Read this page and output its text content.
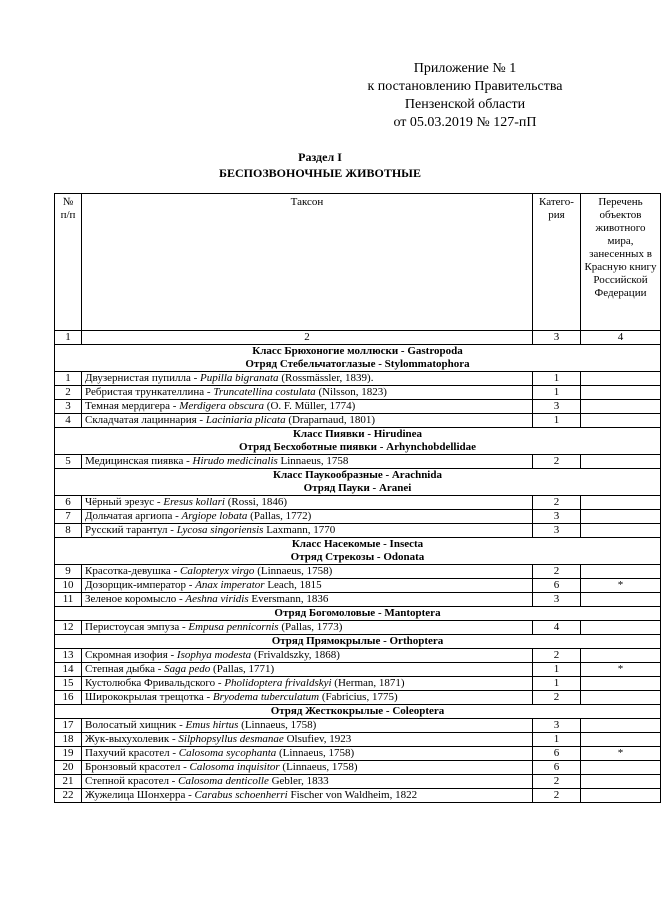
Приложение № 1
к постановлению Правительства
Пензенской области
от 05.03.2019 № 127-пП
Раздел I
БЕСПОЗВОНОЧНЫЕ ЖИВОТНЫЕ
№ п/п	Таксон	Катего-рия	Перечень объектов животного мира, занесенных в Красную книгу Российской Федерации
1	2	3	4

Класс Брюхоногие моллюски - Gastropoda
Отряд Стебельчатоглазые - Stylommatophora			

1	Двузернистая пупилла - Pupilla bigranata (Rossmässler, 1839).	1	
2	Ребристая трункателлина - Truncatellina costulata (Nilsson, 1823)	1	
3	Темная мердигера - Merdigera obscura (O. F. Müller, 1774)	3	
4	Складчатая лациннария - Laciniaria plicata (Draparnaud, 1801)	1	

Класс Пиявки - Hirudinea
Отряд Бесхоботные пиявки - Arhynchobdellidae			

5	Медицинская пиявка - Hirudo medicinalis Linnaeus, 1758	2	

Класс Паукообразные - Arachnida
Отряд Пауки - Aranei			

6	Чёрный эрезус - Eresus kollari (Rossi, 1846)	2	
7	Дольчатая аргиопа - Argiope lobata (Pallas, 1772)	3	
8	Русский тарантул - Lycosa singoriensis Laxmann, 1770	3	

Класс Насекомые - Insecta
Отряд Стрекозы - Odonata			

9	Красотка-девушка - Calopteryx virgo (Linnaeus, 1758)	2	
10	Дозорщик-император - Anax imperator Leach, 1815	6	*
11	Зеленое коромысло - Aeshna viridis Eversmann, 1836	3	

Отряд Богомоловые - Mantoptera			

12	Перистоусая эмпуза - Empusa pennicornis (Pallas, 1773)	4	

Отряд Прямокрылые - Orthoptera			

13	Скромная изофия - Isophya modesta (Frivaldszky, 1868)	2	
14	Степная дыбка - Saga pedo (Pallas, 1771)	1	*
15	Кустолюбка Фривальдского - Pholidoptera frivaldskyi (Herman, 1871)	1	
16	Ширококрылая трещотка - Bryodema tuberculatum (Fabricius, 1775)	2	

Отряд Жесткокрылые - Coleoptera			

17	Волосатый хищник - Emus hirtus (Linnaeus, 1758)	3	
18	Жук-выхухолевик - Silphopsyllus desmanae Olsufiev, 1923	1	
19	Пахучий красотел - Calosoma sycophanta (Linnaeus, 1758)	6	*
20	Бронзовый красотел - Calosoma inquisitor (Linnaeus, 1758)	6	
21	Степной красотел - Calosoma denticolle Gebler, 1833	2	
22	Жужелица Шонхерра - Carabus schoenherri Fischer von Waldheim, 1822	2	
